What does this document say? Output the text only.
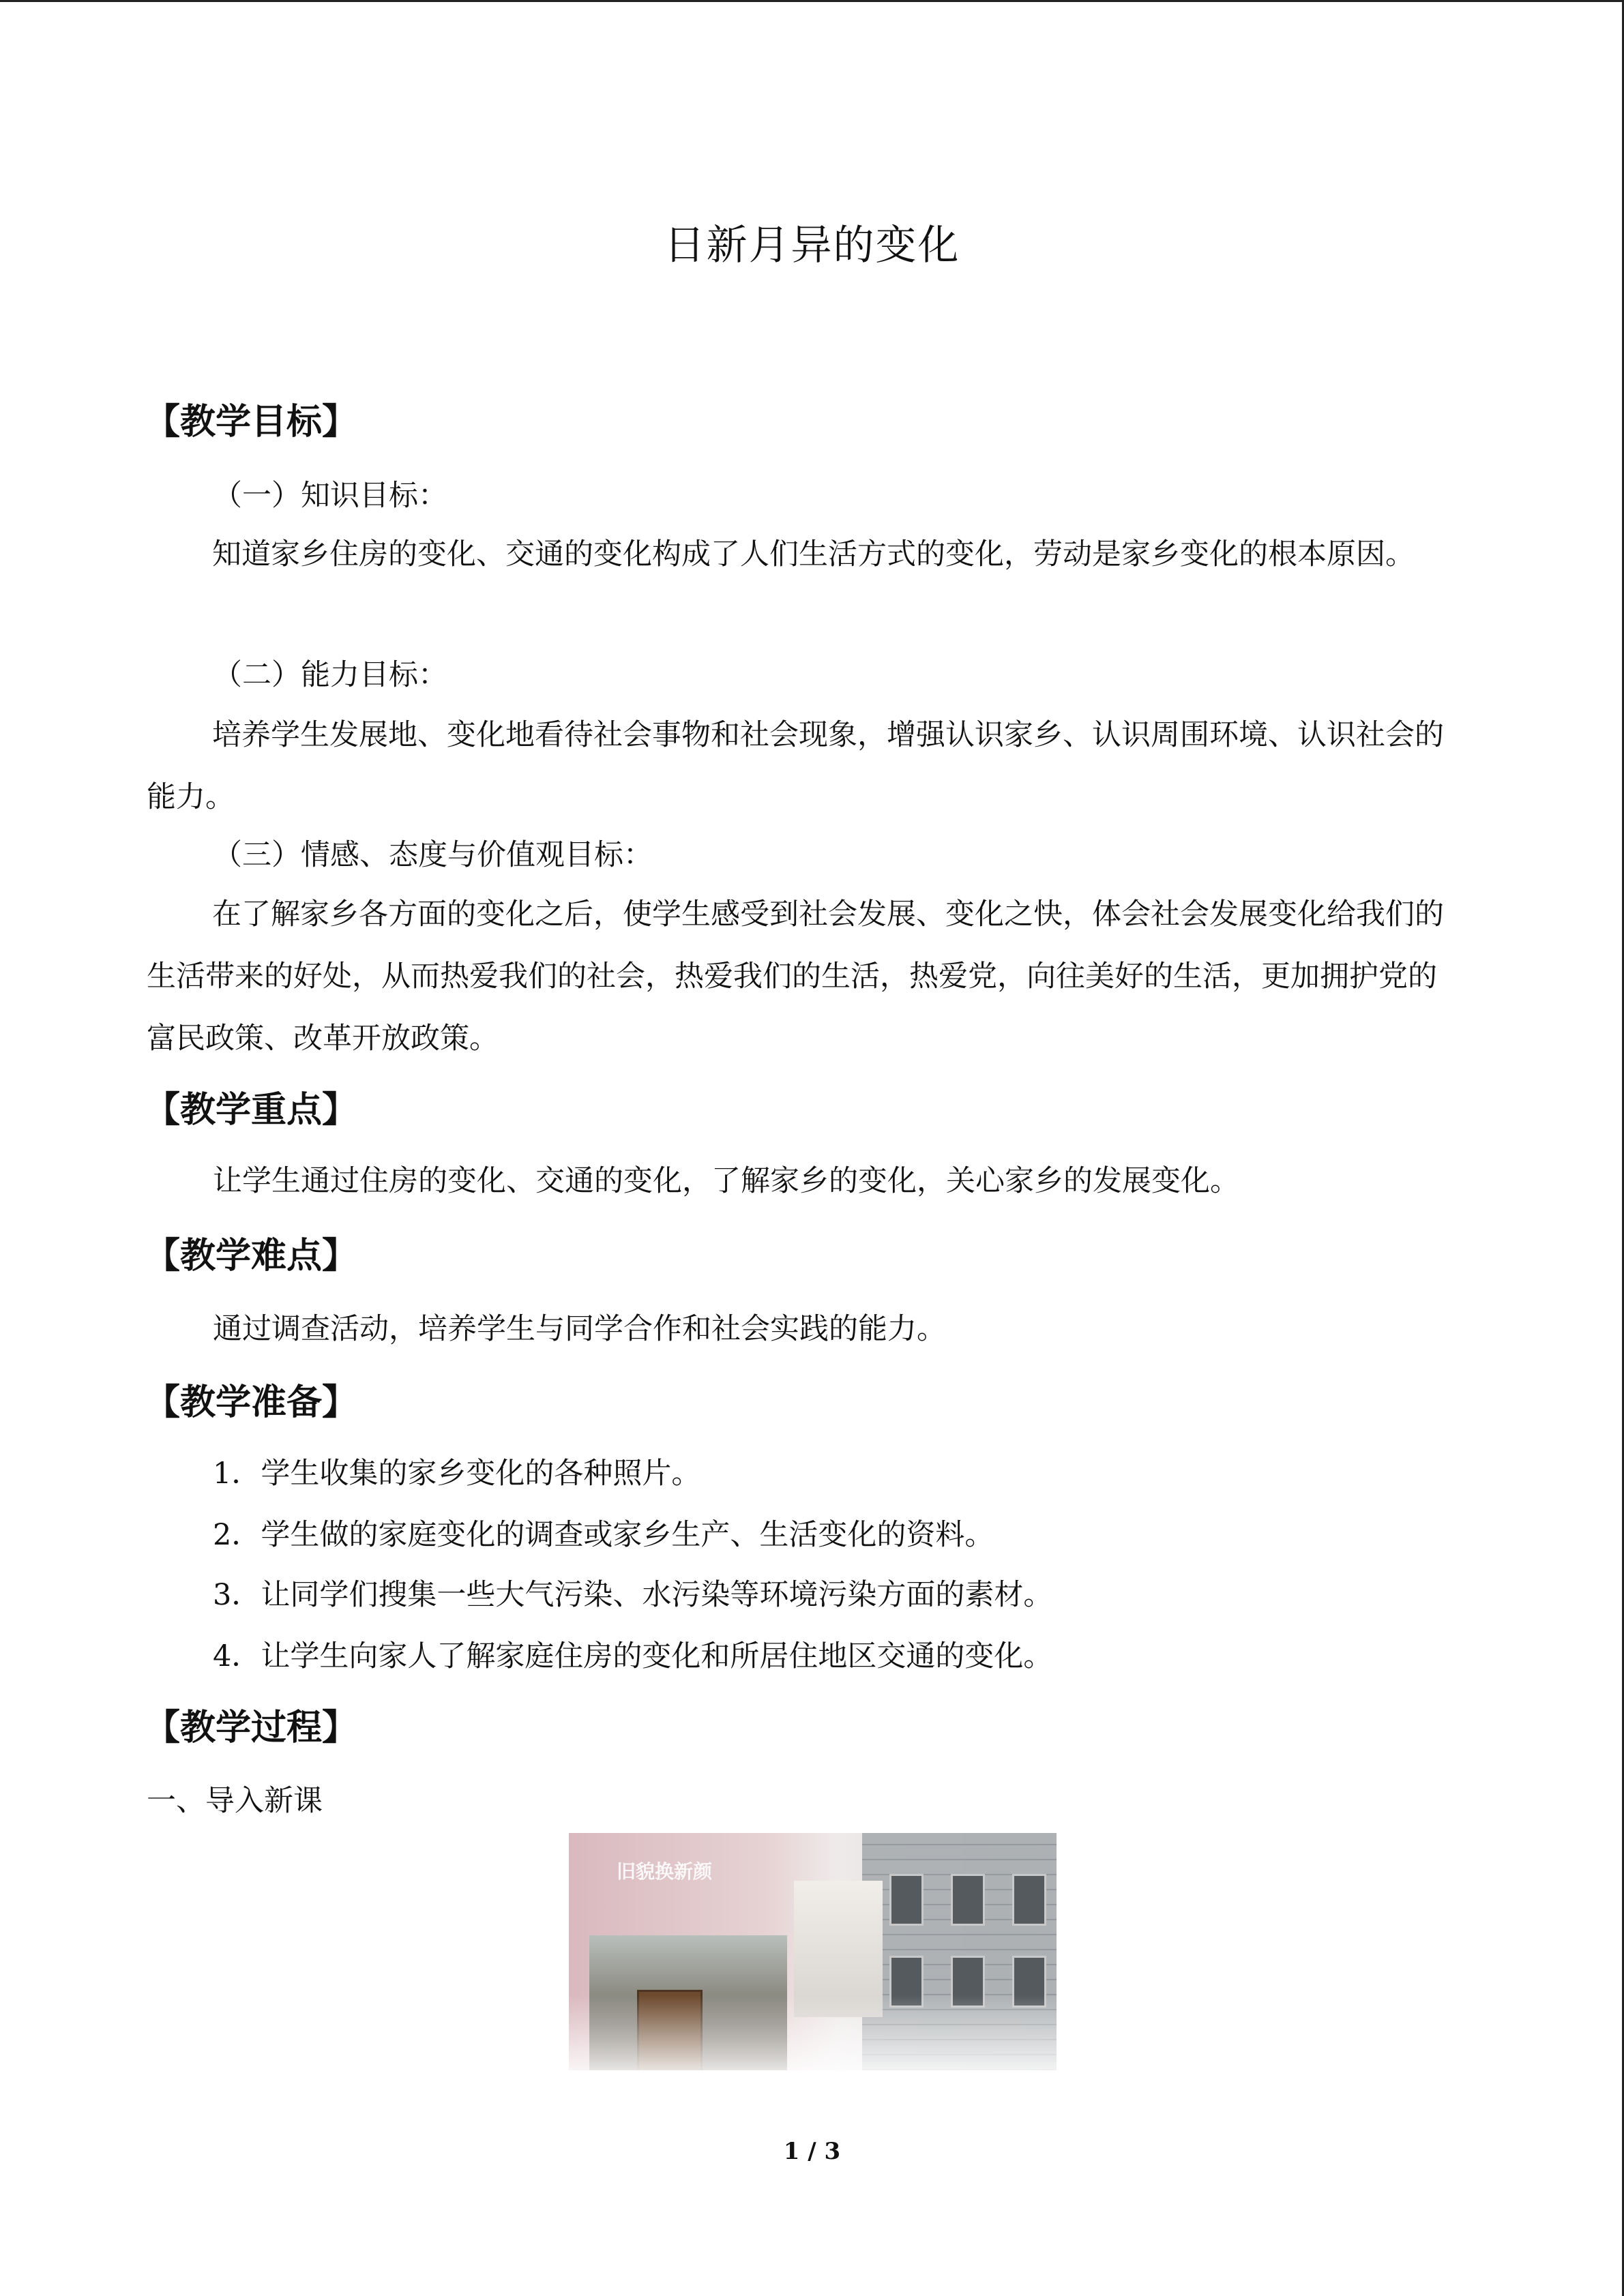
日新月异的变化
【教学目标】
（一）知识目标：

知道家乡住房的变化、交通的变化构成了人们生活方式的变化，劳动是家乡变化的根本原因。

（二）能力目标：

培养学生发展地、变化地看待社会事物和社会现象，增强认识家乡、认识周围环境、认识社会的能力。

（三）情感、态度与价值观目标：

在了解家乡各方面的变化之后，使学生感受到社会发展、变化之快，体会社会发展变化给我们的生活带来的好处，从而热爱我们的社会，热爱我们的生活，热爱党，向往美好的生活，更加拥护党的富民政策、改革开放政策。

【教学重点】
让学生通过住房的变化、交通的变化，了解家乡的变化，关心家乡的发展变化。
【教学难点】
通过调查活动，培养学生与同学合作和社会实践的能力。
【教学准备】
1．学生收集的家乡变化的各种照片。
2．学生做的家庭变化的调查或家乡生产、生活变化的资料。
3．让同学们搜集一些大气污染、水污染等环境污染方面的素材。
4．让学生向家人了解家庭住房的变化和所居住地区交通的变化。
【教学过程】
一、导入新课
旧貌换新颜
1 / 3
